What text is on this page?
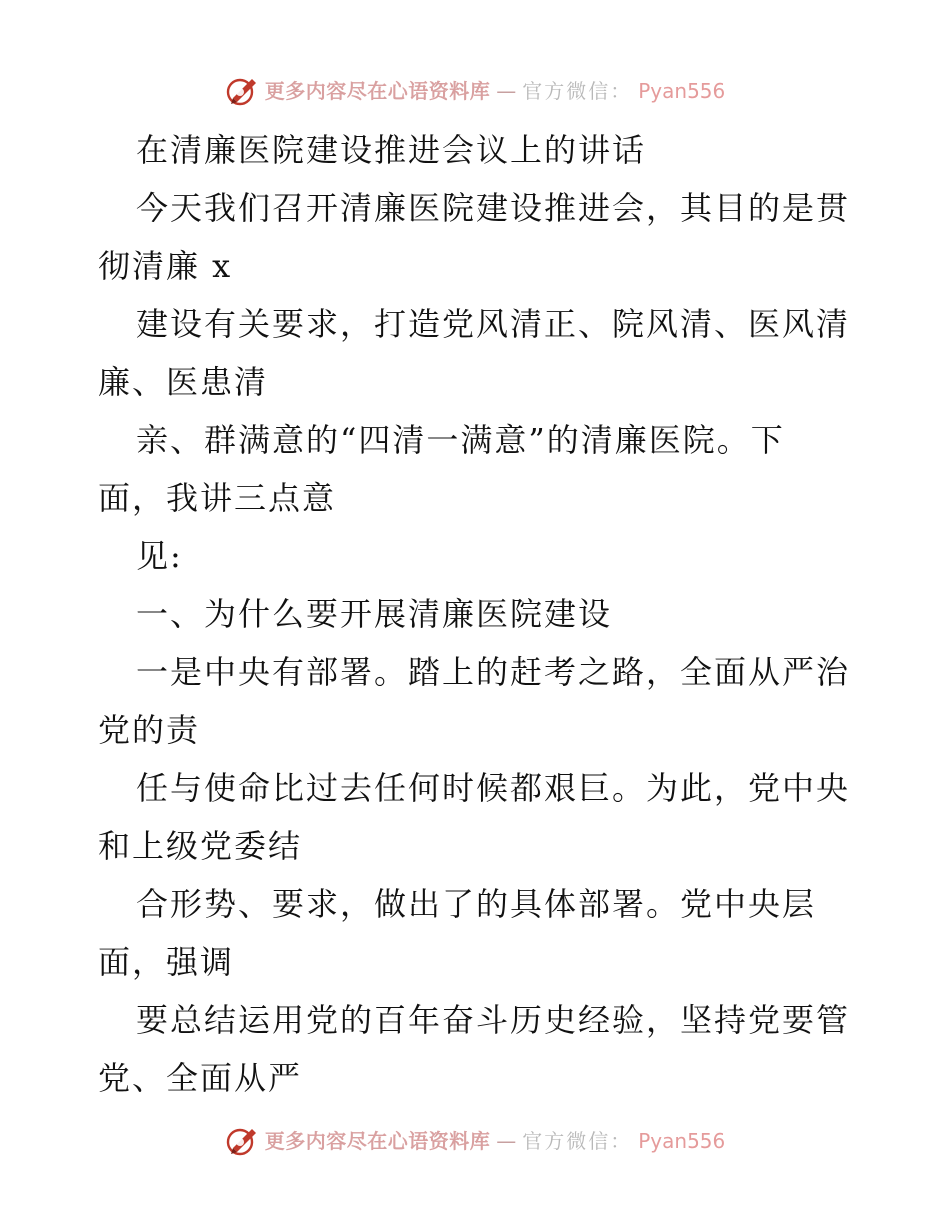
更多内容尽在心语资料库 — 官方微信： Pyan556
在清廉医院建设推进会议上的讲话
今天我们召开清廉医院建设推进会，其目的是贯
彻清廉 x
建设有关要求，打造党风清正、院风清、医风清
廉、医患清
亲、群满意的“四清一满意”的清廉医院。下
面，我讲三点意
见:
一、为什么要开展清廉医院建设
一是中央有部署。踏上的赶考之路，全面从严治
党的责
任与使命比过去任何时候都艰巨。为此，党中央
和上级党委结
合形势、要求，做出了的具体部署。党中央层
面，强调
要总结运用党的百年奋斗历史经验，坚持党要管
党、全面从严
更多内容尽在心语资料库 — 官方微信： Pyan556
